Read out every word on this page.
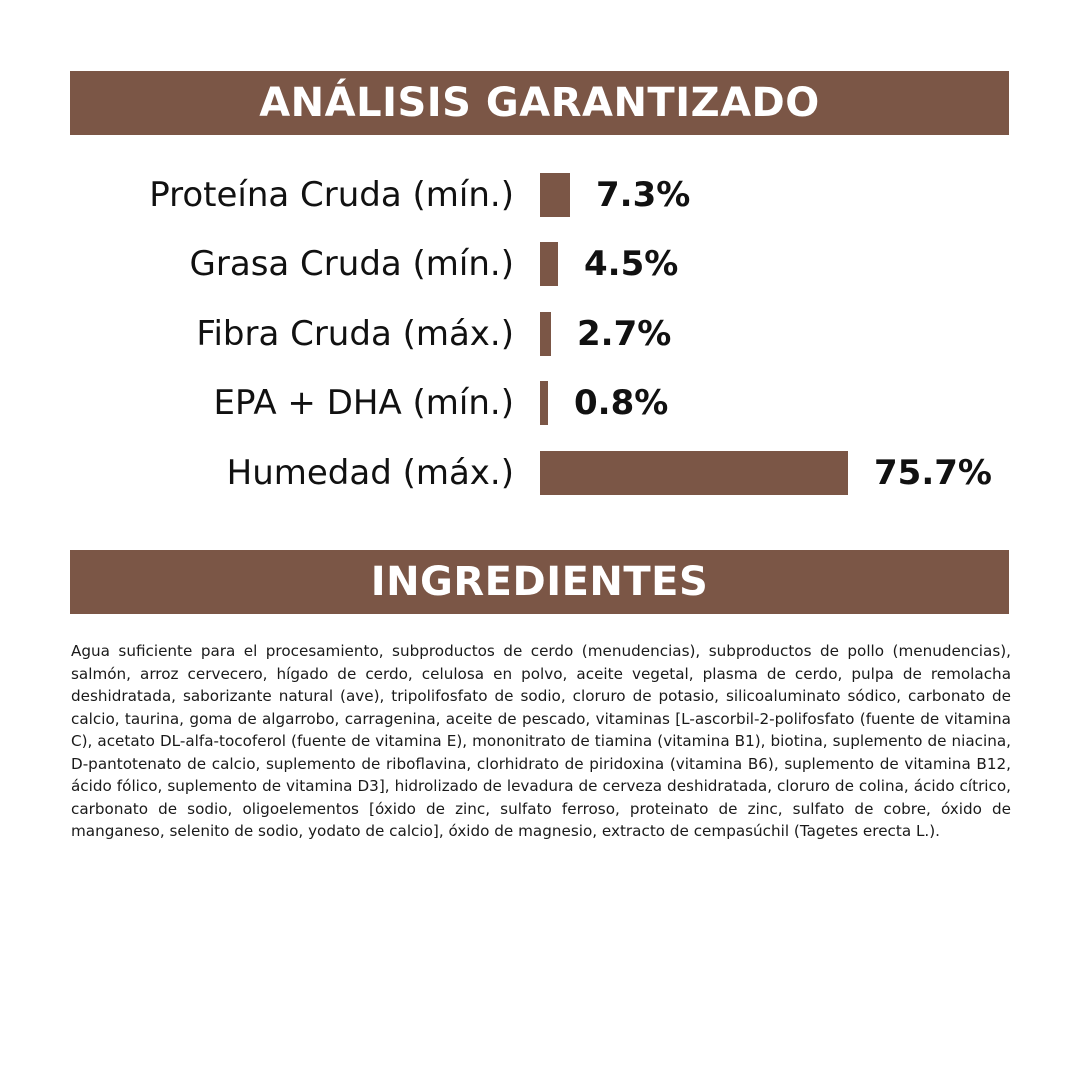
ANÁLISIS GARANTIZADO
Proteína Cruda (mín.) 7.3%
Grasa Cruda (mín.) 4.5%
Fibra Cruda (máx.) 2.7%
EPA + DHA (mín.) 0.8%
Humedad (máx.)	75.7%
INGREDIENTES

Agua suficiente para el procesamiento, subproductos de cerdo (menudencias), subproductos de pollo (menudencias), salmón, arroz cervecero, hígado de cerdo, celulosa en polvo, aceite vegetal, plasma de cerdo, pulpa de remolacha deshidratada, saborizante natural (ave), tripolifosfato de sodio, cloruro de potasio, silicoaluminato sódico, carbonato de calcio, taurina, goma de algarrobo, carragenina, aceite de pescado, vitaminas [L-ascorbil-2-polifosfato (fuente de vitamina C), acetato DL-alfa-tocoferol (fuente de vitamina E), mononitrato de tiamina (vitamina B1), biotina, suplemento de niacina, D-pantotenato de calcio, suplemento de riboflavina, clorhidrato de piridoxina (vitamina B6), suplemento de vitamina B12, ácido fólico, suplemento de vitamina D3], hidrolizado de levadura de cerveza deshidratada, cloruro de colina, ácido cítrico, carbonato de sodio, oligoelementos [óxido de zinc, sulfato ferroso, proteinato de zinc, sulfato de cobre, óxido de manganeso, selenito de sodio, yodato de calcio], óxido de magnesio, extracto de cempasúchil (Tagetes erecta L.).
